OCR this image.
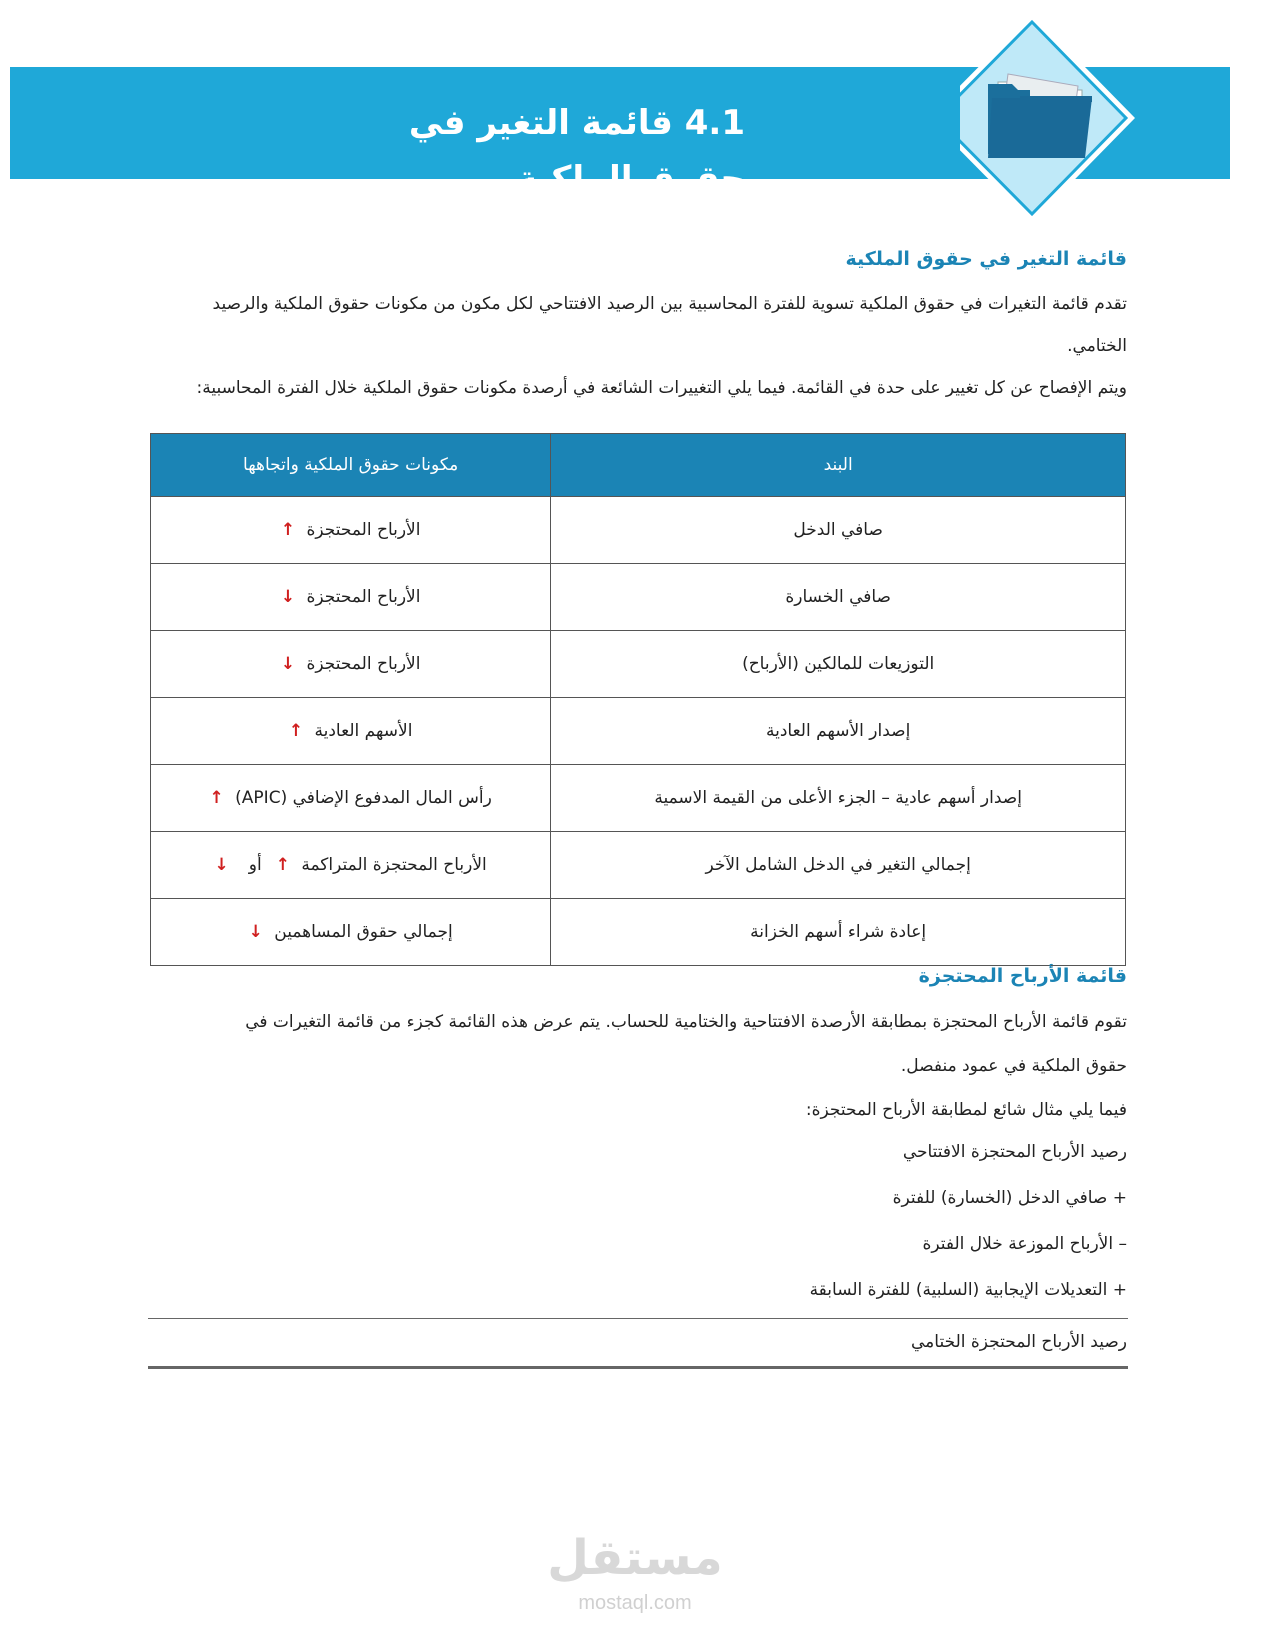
4.1 قائمة التغير في حقوق الملكية
قائمة التغير في حقوق الملكية
تقدم قائمة التغيرات في حقوق الملكية تسوية للفترة المحاسبية بين الرصيد الافتتاحي لكل مكون من مكونات حقوق الملكية والرصيد
الختامي.
ويتم الإفصاح عن كل تغيير على حدة في القائمة. فيما يلي التغييرات الشائعة في أرصدة مكونات حقوق الملكية خلال الفترة المحاسبية:
البند	مكونات حقوق الملكية واتجاهها
صافي الدخل	الأرباح المحتجزة ↑
صافي الخسارة	الأرباح المحتجزة ↓
التوزيعات للمالكين (الأرباح)	الأرباح المحتجزة ↓
إصدار الأسهم العادية	الأسهم العادية ↑
إصدار أسهم عادية – الجزء الأعلى من القيمة الاسمية	رأس المال المدفوع الإضافي (APIC) ↑
إجمالي التغير في الدخل الشامل الآخر	الأرباح المحتجزة المتراكمة ↑أو↓
إعادة شراء أسهم الخزانة	إجمالي حقوق المساهمين ↓
قائمة الأرباح المحتجزة
تقوم قائمة الأرباح المحتجزة بمطابقة الأرصدة الافتتاحية والختامية للحساب. يتم عرض هذه القائمة كجزء من قائمة التغيرات في
حقوق الملكية في عمود منفصل.
فيما يلي مثال شائع لمطابقة الأرباح المحتجزة:
رصيد الأرباح المحتجزة الافتتاحي
+ صافي الدخل (الخسارة) للفترة
– الأرباح الموزعة خلال الفترة
+ التعديلات الإيجابية (السلبية) للفترة السابقة
رصيد الأرباح المحتجزة الختامي
مستقل
mostaql.com
